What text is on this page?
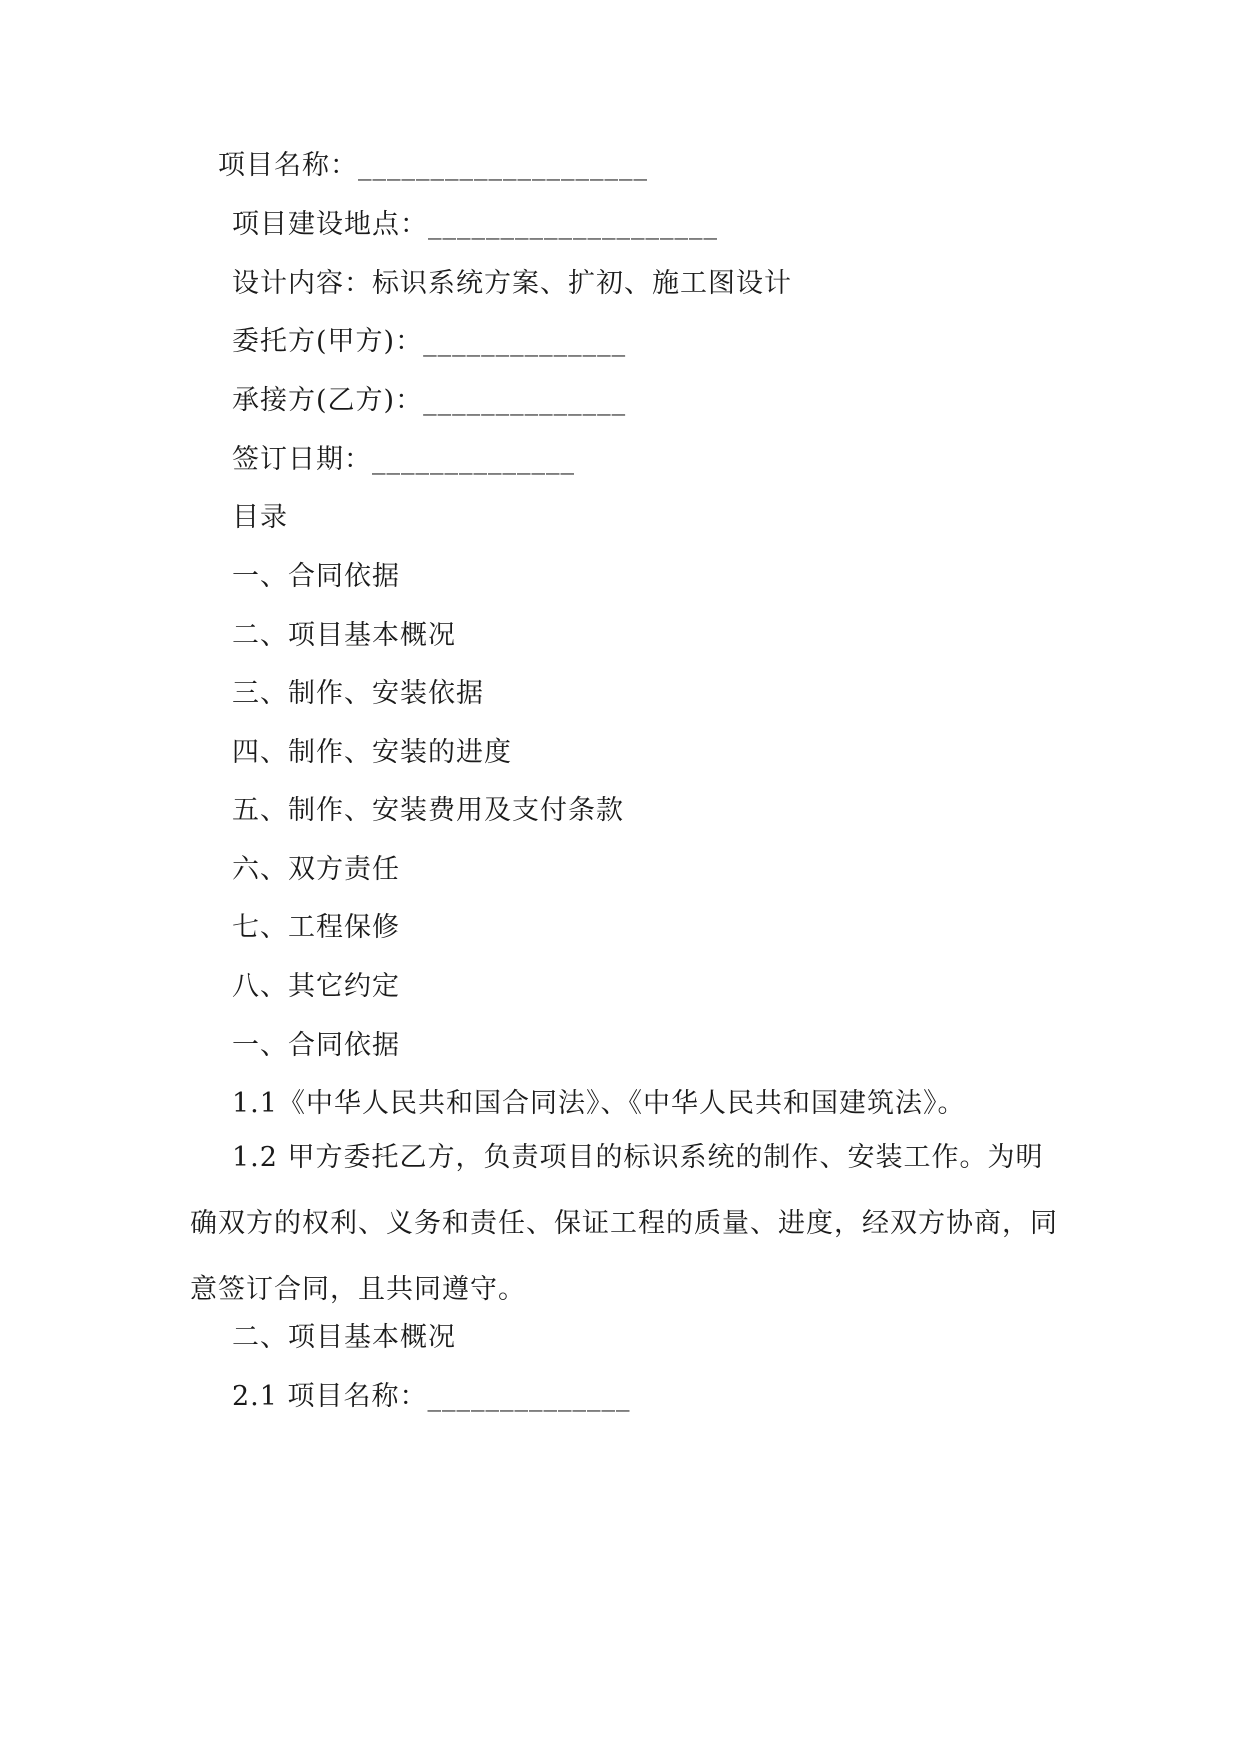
项目名称：____________________
项目建设地点：____________________
设计内容：标识系统方案、扩初、施工图设计
委托方(甲方)：______________
承接方(乙方)：______________
签订日期：______________
目录
一、合同依据
二、项目基本概况
三、制作、安装依据
四、制作、安装的进度
五、制作、安装费用及支付条款
六、双方责任
七、工程保修
八、其它约定
一、合同依据
1.1《中华人民共和国合同法》、《中华人民共和国建筑法》。
1.2 甲方委托乙方，负责项目的标识系统的制作、安装工作。为明确双方的权利、义务和责任、保证工程的质量、进度，经双方协商，同意签订合同，且共同遵守。
二、项目基本概况
2.1 项目名称：______________
